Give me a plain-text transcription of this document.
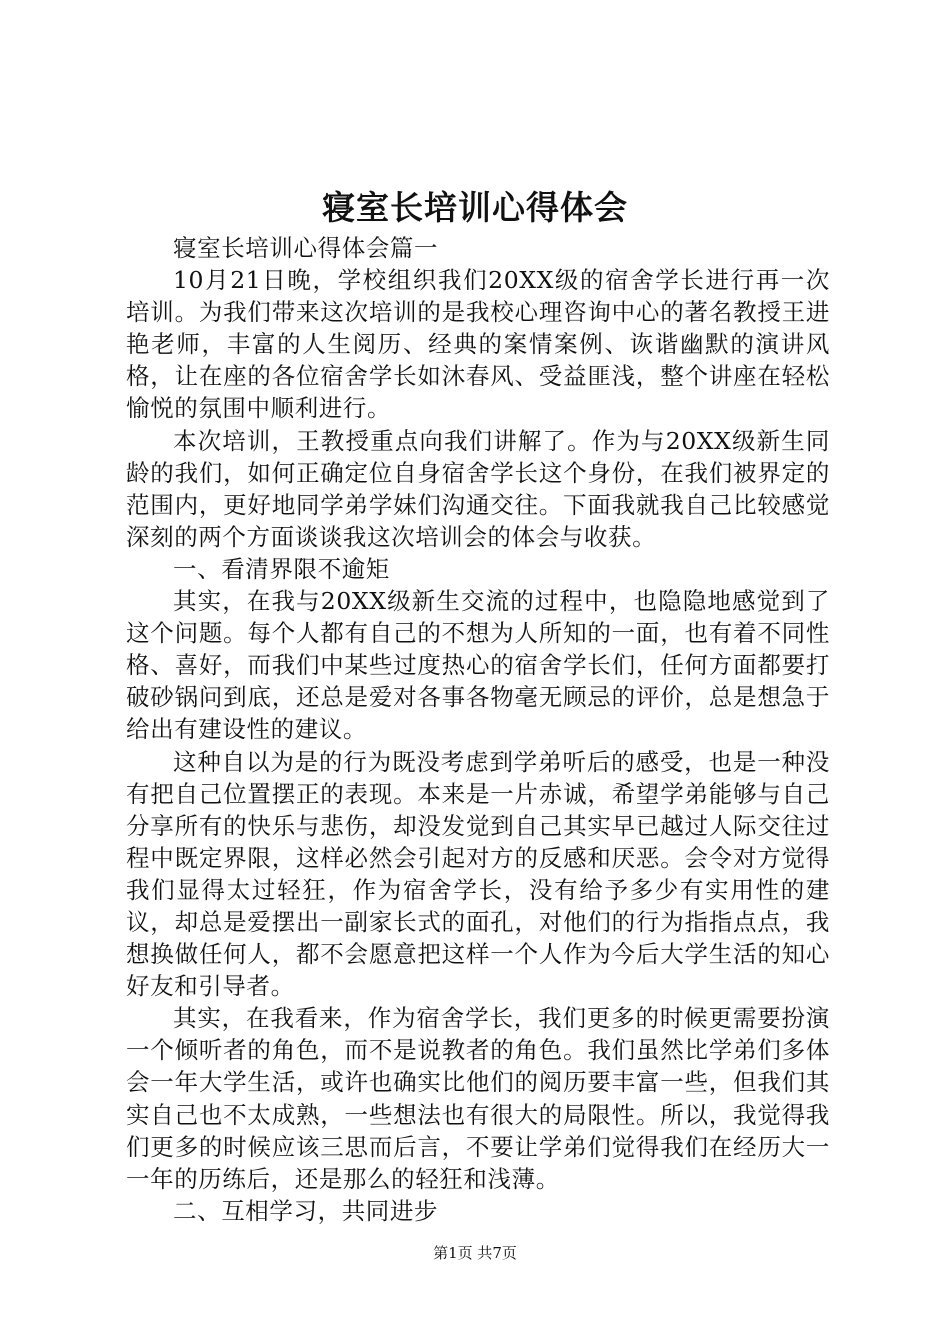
寝室长培训心得体会

寝室长培训心得体会篇一

10月21日晚，学校组织我们20XX级的宿舍学长进行再一次培训。为我们带来这次培训的是我校心理咨询中心的著名教授王进艳老师，丰富的人生阅历、经典的案情案例、诙谐幽默的演讲风格，让在座的各位宿舍学长如沐春风、受益匪浅，整个讲座在轻松愉悦的氛围中顺利进行。

本次培训，王教授重点向我们讲解了。作为与20XX级新生同龄的我们，如何正确定位自身宿舍学长这个身份，在我们被界定的范围内，更好地同学弟学妹们沟通交往。下面我就我自己比较感觉深刻的两个方面谈谈我这次培训会的体会与收获。

一、看清界限不逾矩

其实，在我与20XX级新生交流的过程中，也隐隐地感觉到了这个问题。每个人都有自己的不想为人所知的一面，也有着不同性格、喜好，而我们中某些过度热心的宿舍学长们，任何方面都要打破砂锅问到底，还总是爱对各事各物毫无顾忌的评价，总是想急于给出有建设性的建议。

这种自以为是的行为既没考虑到学弟听后的感受，也是一种没有把自己位置摆正的表现。本来是一片赤诚，希望学弟能够与自己分享所有的快乐与悲伤，却没发觉到自己其实早已越过人际交往过程中既定界限，这样必然会引起对方的反感和厌恶。会令对方觉得我们显得太过轻狂，作为宿舍学长，没有给予多少有实用性的建议，却总是爱摆出一副家长式的面孔，对他们的行为指指点点，我想换做任何人，都不会愿意把这样一个人作为今后大学生活的知心好友和引导者。

其实，在我看来，作为宿舍学长，我们更多的时候更需要扮演一个倾听者的角色，而不是说教者的角色。我们虽然比学弟们多体会一年大学生活，或许也确实比他们的阅历要丰富一些，但我们其实自己也不太成熟，一些想法也有很大的局限性。所以，我觉得我们更多的时候应该三思而后言，不要让学弟们觉得我们在经历大一一年的历练后，还是那么的轻狂和浅薄。

二、互相学习，共同进步

第1页 共7页
